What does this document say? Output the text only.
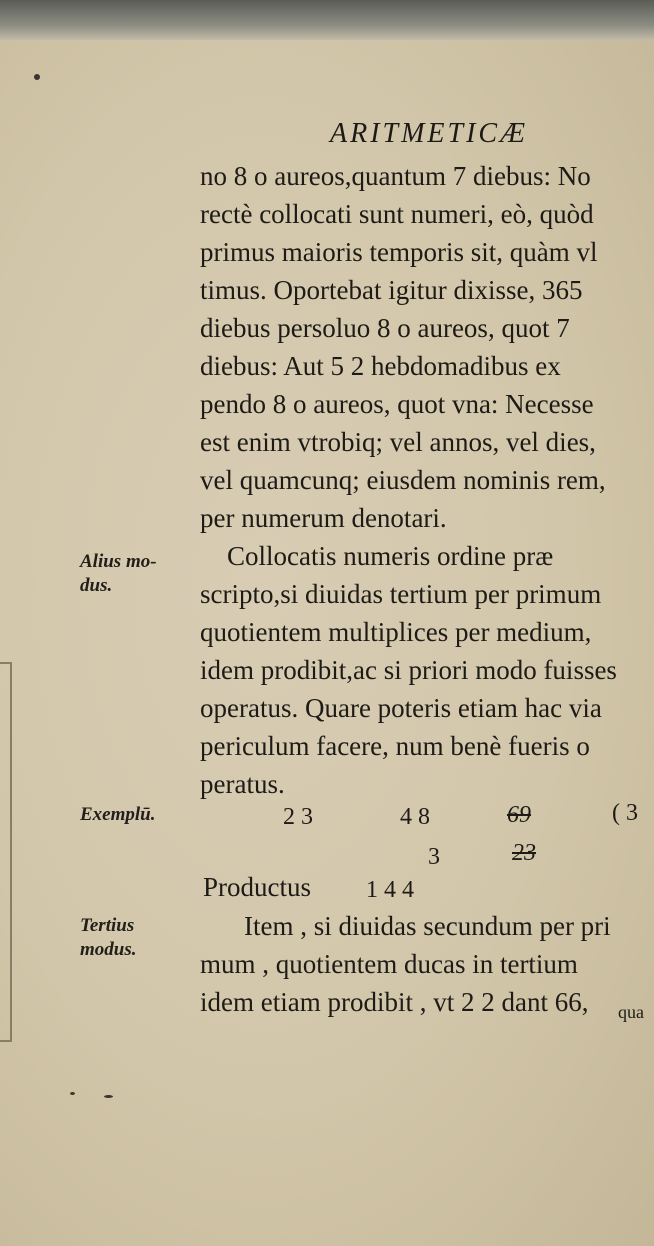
ARITMETICÆ
no 8 o aureos,quantum 7 diebus: No
rectè collocati sunt numeri, eò, quòd
primus maioris temporis sit, quàm vl
timus. Oportebat igitur dixisse, 365
diebus persoluo 8 o aureos, quot 7
diebus: Aut 5 2 hebdomadibus ex
pendo 8 o aureos, quot vna: Necesse
est enim vtrobiq; vel annos, vel dies,
vel quamcunq; eiusdem nominis rem,
per numerum denotari.
Collocatis numeris ordine præ
scripto,si diuidas tertium per primum
quotientem multiplices per medium,
idem prodibit,ac si priori modo fuisses
operatus. Quare poteris etiam hac via
periculum facere, num benè fueris o
peratus.
Alius mo-
dus.
Exemplū.	2 3	4 8	69	( 3
3	23
Productus 1 4 4
Tertius
modus.
Item , si diuidas secundum per pri
mum , quotientem ducas in tertium
idem etiam prodibit , vt 2 2 dant 66,	qua
